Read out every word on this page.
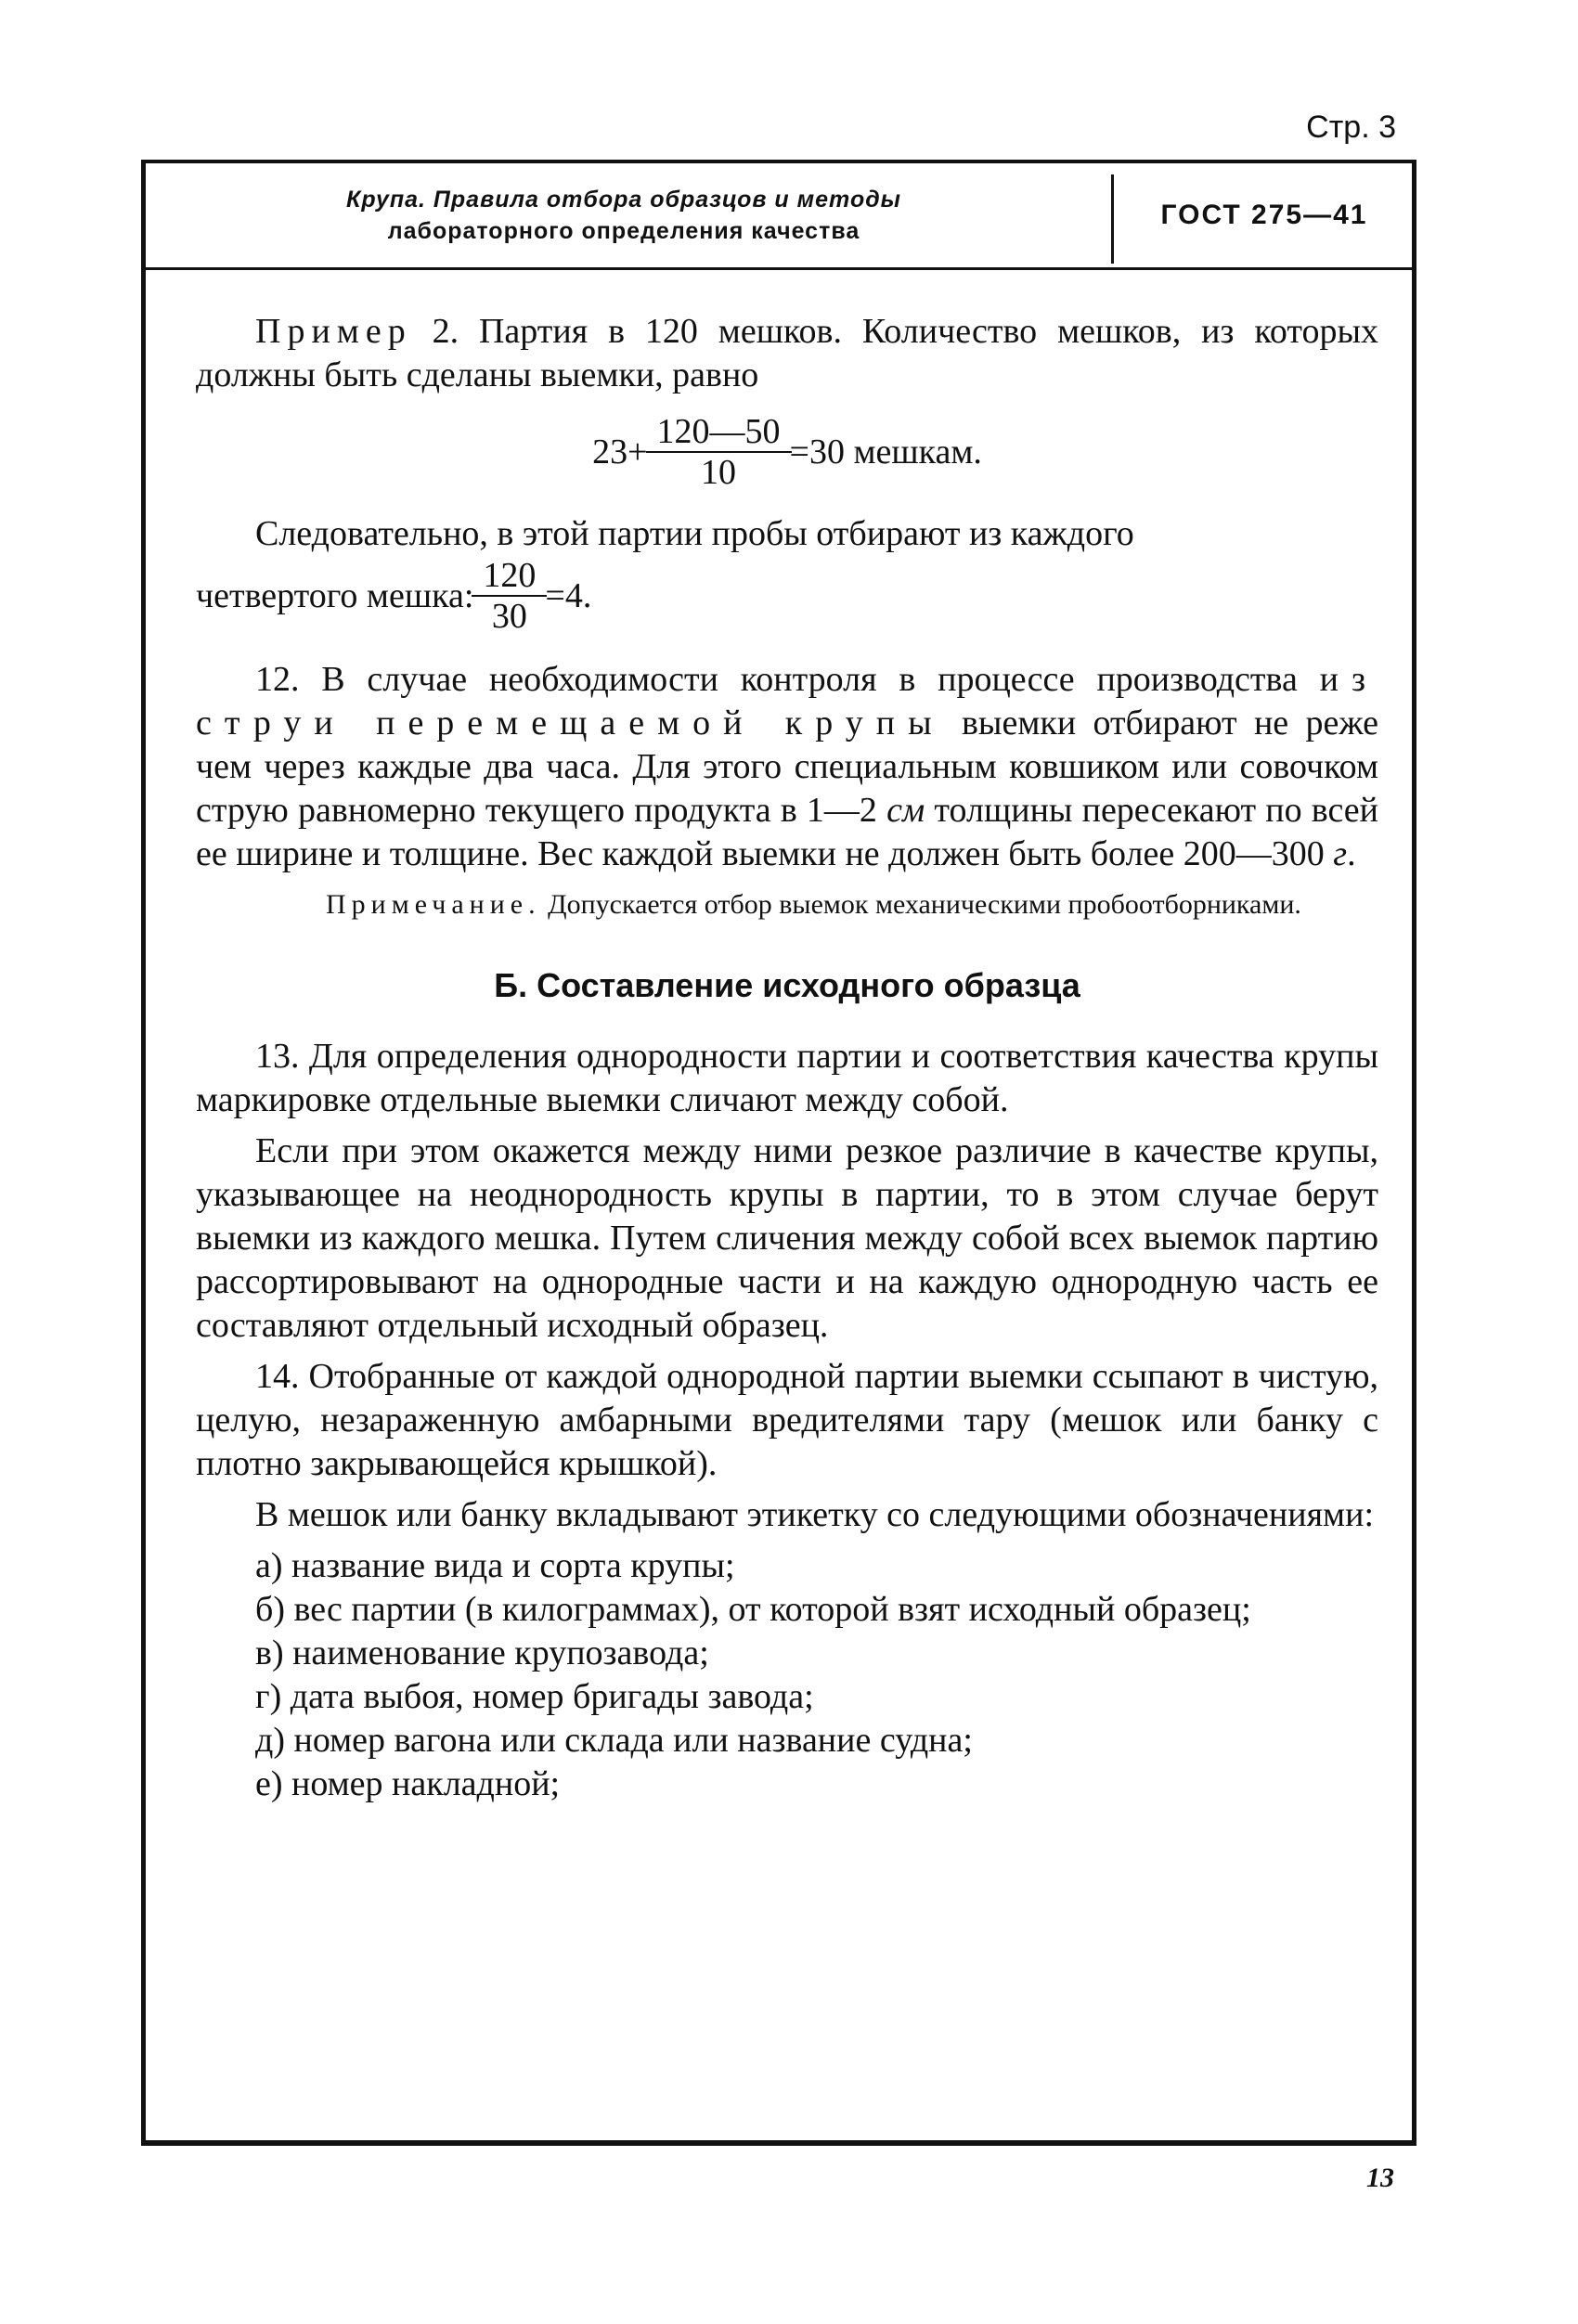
Стр. 3
Крупа. Правила отбора образцов и методы
лабораторного определения качества
ГОСТ 275—41

Пример 2. Партия в 120 мешков. Количество мешков, из которых должны быть сделаны выемки, равно

$23+ \frac{120—50}{10} =30$ мешкам.

Следовательно, в этой партии пробы отбирают из каждого

четвертого мешка: $\frac{120}{30} =4$.

12. В случае необходимости контроля в процессе производства из струи перемещаемой крупы выемки отбирают не реже чем через каждые два часа. Для этого специальным ковшиком или совочком струю равномерно текущего продукта в 1—2 см толщины пересекают по всей ее ширине и толщине. Вес каждой выемки не должен быть более 200—300 г.

Примечание. Допускается отбор выемок механическими пробоотборниками.

Б. Составление исходного образца

13. Для определения однородности партии и соответствия качества крупы маркировке отдельные выемки сличают между собой.

Если при этом окажется между ними резкое различие в качестве крупы, указывающее на неоднородность крупы в партии, то в этом случае берут выемки из каждого мешка. Путем сличения между собой всех выемок партию рассортировывают на однородные части и на каждую однородную часть ее составляют отдельный исходный образец.

14. Отобранные от каждой однородной партии выемки ссыпают в чистую, целую, незараженную амбарными вредителями тару (мешок или банку с плотно закрывающейся крышкой).

В мешок или банку вкладывают этикетку со следующими обозначениями:

а) название вида и сорта крупы;

б) вес партии (в килограммах), от которой взят исходный образец;

в) наименование крупозавода;

г) дата выбоя, номер бригады завода;

д) номер вагона или склада или название судна;

е) номер накладной;

13
